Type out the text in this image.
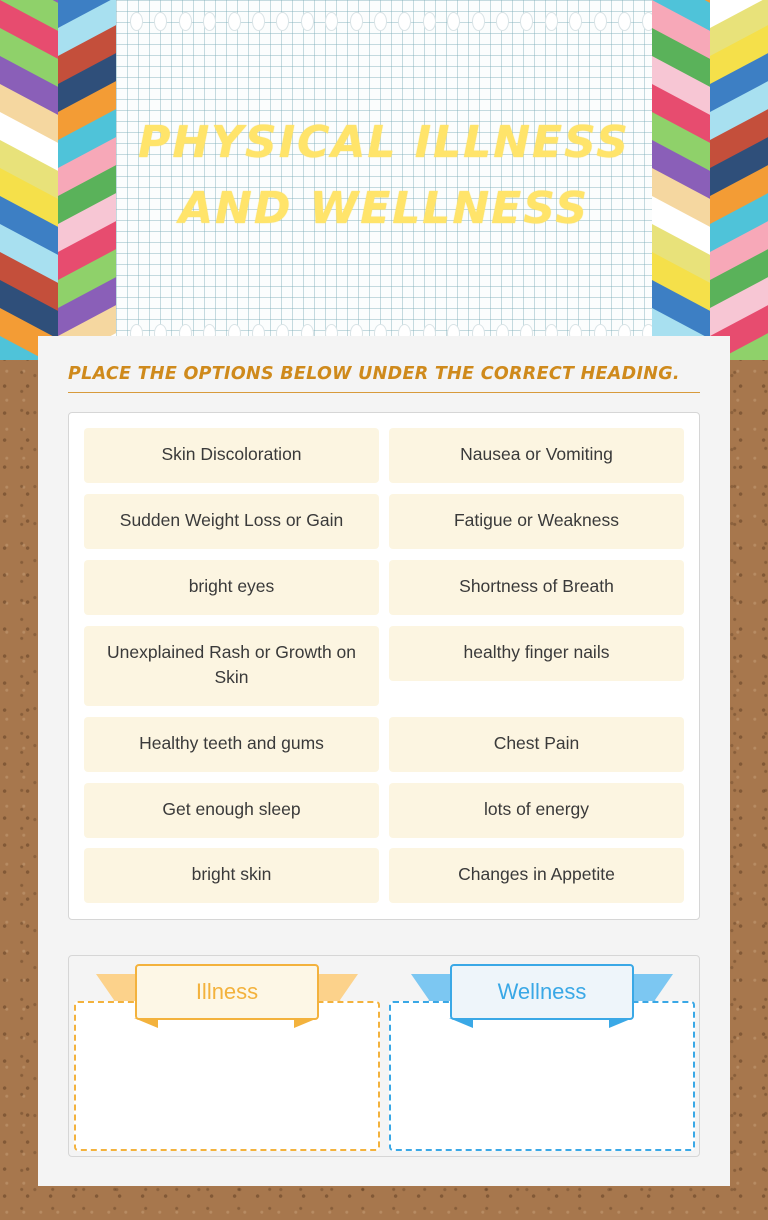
PHYSICAL ILLNESS AND WELLNESS
PLACE THE OPTIONS BELOW UNDER THE CORRECT HEADING.
Skin Discoloration	Nausea or Vomiting
Sudden Weight Loss or Gain	Fatigue or Weakness
bright eyes	Shortness of Breath
Unexplained Rash or Growth on Skin
healthy finger nails
Healthy teeth and gums	Chest Pain
Get enough sleep	lots of energy
bright skin	Changes in Appetite
Illness	Wellness
